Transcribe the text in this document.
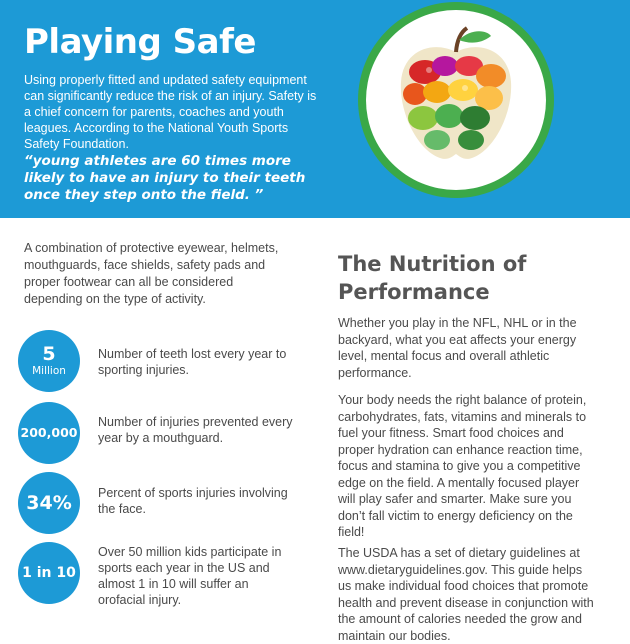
Playing Safe

Using properly fitted and updated safety equipment can significantly reduce the risk of an injury. Safety is a chief concern for parents, coaches and youth leagues. According to the National Youth Sports Safety Foundation.

“young athletes are 60 times more likely to have an injury to their teeth once they step onto the field. ”

A combination of protective eyewear, helmets, mouthguards, face shields, safety pads and proper footwear can all be considered depending on the type of activity.

5
Million
Number of teeth lost every year to sporting injuries.
200,000
Number of injuries prevented every year by a mouthguard.
34% Percent of sports injuries involving the face.
1 in 10
Over 50 million kids participate in sports each year in the US and almost 1 in 10 will suffer an orofacial injury.
The Nutrition of Performance

Whether you play in the NFL, NHL or in the backyard, what you eat affects your energy level, mental focus and overall athletic performance.

Your body needs the right balance of protein, carbohydrates, fats, vitamins and minerals to fuel your fitness. Smart food choices and proper hydration can enhance reaction time, focus and stamina to give you a competitive edge on the field. A mentally focused player will play safer and smarter. Make sure you don’t fall victim to energy deficiency on the field!

The USDA has a set of dietary guidelines at www.dietaryguidelines.gov. This guide helps us make individual food choices that promote health and prevent disease in conjunction with the amount of calories needed the grow and maintain our bodies.
